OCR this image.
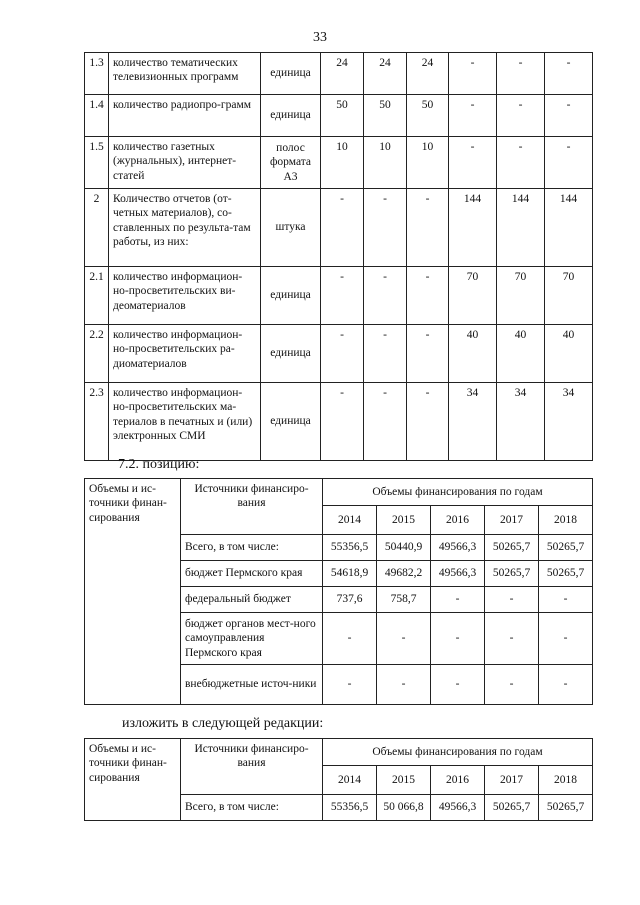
33
1.3	количество тематических телевизионных программ	единица	24	24	24	-	-	-
1.4	количество радиопро-грамм	единица	50	50	50	-	-	-
1.5	количество газетных (журнальных), интернет-статей	полос формата А3	10	10	10	-	-	-
2	Количество отчетов (от-четных материалов), со-ставленных по результа-там работы, из них:	штука	-	-	-	144	144	144
2.1	количество информацион-но-просветительских ви-деоматериалов	единица	-	-	-	70	70	70
2.2	количество информацион-но-просветительских ра-диоматериалов	единица	-	-	-	40	40	40
2.3	количество информацион-но-просветительских ма-териалов в печатных и (или) электронных СМИ	единица	-	-	-	34	34	34
7.2. позицию:
Объемы и ис-точники финан-сирования	Источники финансиро-вания	Объемы финансирования по годам				
		2014	2015	2016	2017	2018
	Всего, в том числе:	55356,5	50440,9	49566,3	50265,7	50265,7
	бюджет Пермского края	54618,9	49682,2	49566,3	50265,7	50265,7
	федеральный бюджет	737,6	758,7	-	-	-
	бюджет органов мест-ного самоуправления Пермского края	-	-	-	-	-
	внебюджетные источ-ники	-	-	-	-	-
изложить в следующей редакции:
Объемы и ис-точники финан-сирования	Источники финансиро-вания	Объемы финансирования по годам				
		2014	2015	2016	2017	2018
	Всего, в том числе:	55356,5	50 066,8	49566,3	50265,7	50265,7
